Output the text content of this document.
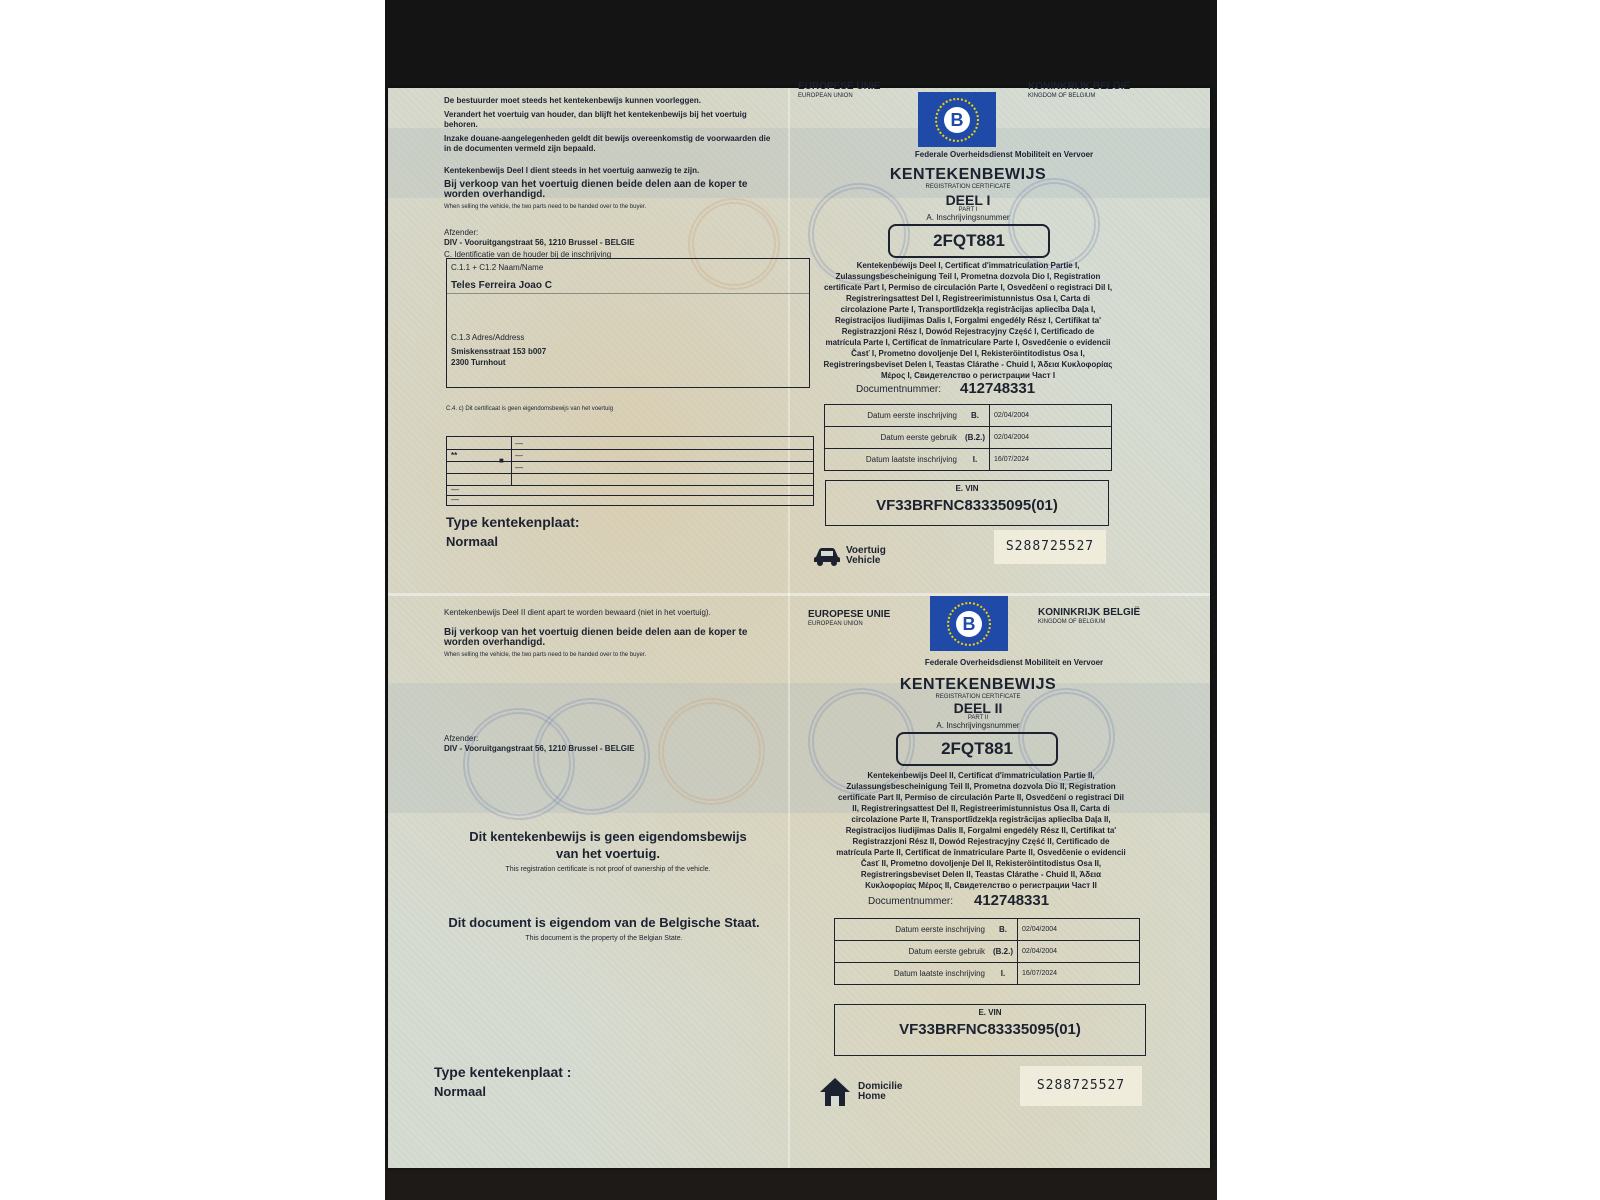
De bestuurder moet steeds het kentekenbewijs kunnen voorleggen.
Verandert het voertuig van houder, dan blijft het kentekenbewijs bij het voertuig behoren.
Inzake douane-aangelegenheden geldt dit bewijs overeenkomstig de voorwaarden die in de documenten vermeld zijn bepaald.
Kentekenbewijs Deel I dient steeds in het voertuig aanwezig te zijn.
Bij verkoop van het voertuig dienen beide delen aan de koper te worden overhandigd.
When selling the vehicle, the two parts need to be handed over to the buyer.
Afzender:
DIV - Vooruitgangstraat 56, 1210 Brussel - BELGIE
C. Identificatie van de houder bij de inschrijving
C.1.1 + C1.2 Naam/Name
Teles Ferreira Joao C
C.1.3 Adres/Address
Smiskensstraat 153 b007
2300 Turnhout
C.4. c) Dit certificaat is geen eigendomsbewijs van het voertuig
**
■
—
—
—
—
—
Type kentekenplaat:
Normaal
EUROPESE UNIE
EUROPEAN UNION
KONINKRIJK BELGIË
KINGDOM OF BELGIUM
B
Federale Overheidsdienst Mobiliteit en Vervoer
KENTEKENBEWIJS
REGISTRATION CERTIFICATE
DEEL I
PART I
A. Inschrijvingsnummer
2FQT881
Kentekenbewijs Deel I, Certificat d'immatriculation Partie I, Zulassungsbescheinigung Teil I, Prometna dozvola Dio I, Registration certificate Part I, Permiso de circulación Parte I, Osvedčení o registraci Dil I, Registreringsattest Del I, Registreerimistunnistus Osa I, Carta di circolazione Parte I, Transportlīdzekļa registrācijas apliecība Daļa I, Registracijos liudijimas Dalis I, Forgalmi engedély Rész I, Certifikat ta' Registrazzjoni Rész I, Dowód Rejestracyjny Część I, Certificado de matrícula Parte I, Certificat de înmatriculare Parte I, Osvedčenie o evidencii Časť I, Prometno dovoljenje Del I, Rekisteröintitodistus Osa I, Registreringsbeviset Delen I, Teastas Clárathe - Chuid I, Άδεια Κυκλοφορίας Μέρος I, Свидетелство о регистрации Част I
Documentnummer: 412748331
Datum eerste inschrijving	B.	02/04/2004
Datum eerste gebruik	(B.2.)	02/04/2004
Datum laatste inschrijving	I.	16/07/2024
E. VIN
VF33BRFNC83335095(01)
Voertuig
Vehicle
S288725527
Kentekenbewijs Deel II dient apart te worden bewaard (niet in het voertuig).
Bij verkoop van het voertuig dienen beide delen aan de koper te worden overhandigd.
When selling the vehicle, the two parts need to be handed over to the buyer.
Afzender:
DIV - Vooruitgangstraat 56, 1210 Brussel - BELGIE
Dit kentekenbewijs is geen eigendomsbewijs
van het voertuig.
This registration certificate is not proof of ownership of the vehicle.
Dit document is eigendom van de Belgische Staat.
This document is the property of the Belgian State.
Type kentekenplaat :
Normaal
EUROPESE UNIE
EUROPEAN UNION
KONINKRIJK BELGIË
KINGDOM OF BELGIUM
B
Federale Overheidsdienst Mobiliteit en Vervoer
KENTEKENBEWIJS
REGISTRATION CERTIFICATE
DEEL II
PART II
A. Inschrijvingsnummer
2FQT881
Kentekenbewijs Deel II, Certificat d'immatriculation Partie II, Zulassungsbescheinigung Teil II, Prometna dozvola Dio II, Registration certificate Part II, Permiso de circulación Parte II, Osvedčení o registraci Dil II, Registreringsattest Del II, Registreerimistunnistus Osa II, Carta di circolazione Parte II, Transportlīdzekļa registrācijas apliecība Daļa II, Registracijos liudijimas Dalis II, Forgalmi engedély Rész II, Certifikat ta' Registrazzjoni Rész II, Dowód Rejestracyjny Część II, Certificado de matrícula Parte II, Certificat de înmatriculare Parte II, Osvedčenie o evidencii Časť II, Prometno dovoljenje Del II, Rekisteröintitodistus Osa II, Registreringsbeviset Delen II, Teastas Clárathe - Chuid II, Άδεια Κυκλοφορίας Μέρος II, Свидетелство о регистрации Част II
Documentnummer: 412748331
Datum eerste inschrijving	B.	02/04/2004
Datum eerste gebruik	(B.2.)	02/04/2004
Datum laatste inschrijving	I.	16/07/2024
E. VIN
VF33BRFNC83335095(01)
Domicilie
Home
S288725527
